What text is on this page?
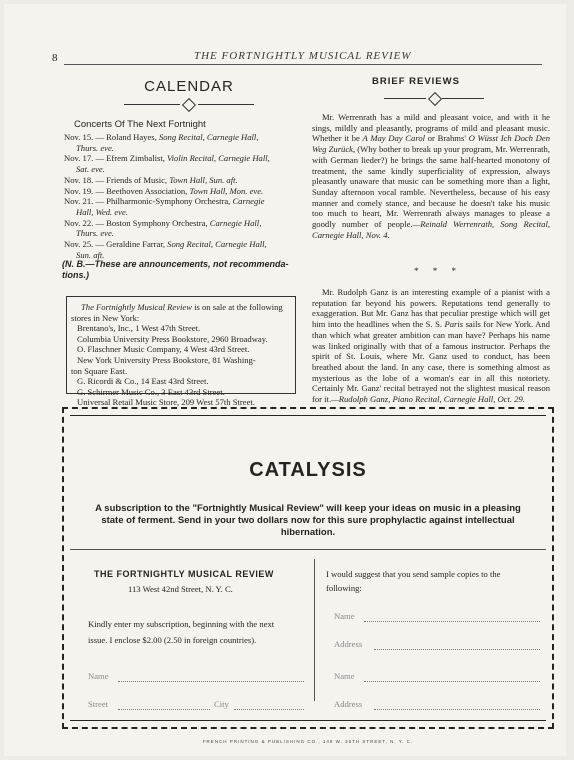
8	THE FORTNIGHTLY MUSICAL REVIEW
CALENDAR
Concerts Of The Next Fortnight
Nov. 15. — Roland Hayes, Song Recital, Carnegie Hall,
Thurs. eve.
Nov. 17. — Efrem Zimbalist, Violin Recital, Carnegie Hall,
Sat. eve.
Nov. 18. — Friends of Music, Town Hall, Sun. aft.
Nov. 19. — Beethoven Association, Town Hall, Mon. eve.
Nov. 21. — Philharmonic-Symphony Orchestra, Carnegie
Hall, Wed. eve.
Nov. 22. — Boston Symphony Orchestra, Carnegie Hall,
Thurs. eve.
Nov. 25. — Geraldine Farrar, Song Recital, Carnegie Hall,
Sun. aft.
(N. B.—These are announcements, not recommenda-
tions.)
The Fortnightly Musical Review is on sale at the following stores in New York:
Brentano's, Inc., 1 West 47th Street.
Columbia University Press Bookstore, 2960 Broadway.
O. Flaschner Music Company, 4 West 43rd Street.
New York University Press Bookstore, 81 Washing-
ton Square East.
G. Ricordi & Co., 14 East 43rd Street.
G. Schirmer Music Co., 3 East 43rd Street.
Universal Retail Music Store, 209 West 57th Street.
BRIEF REVIEWS

Mr. Werrenrath has a mild and pleasant voice, and with it he sings, mildly and pleasantly, programs of mild and pleasant music. Whether it be A May Day Carol or Brahms' O Wüsst Ich Doch Den Weg Zurück, (Why bother to break up your program, Mr. Werrenrath, with German lieder?) he brings the same half-hearted monotony of treatment, the same kindly superficiality of expression, always pleasantly unaware that music can be something more than a light, Sunday afternoon vocal ramble. Nevertheless, because of his easy manner and comely stance, and because he doesn't take his music too much to heart, Mr. Werrenrath always manages to please a goodly number of people.—Reinald Werrenrath, Song Recital, Carnegie Hall, Nov. 4.

* * *

Mr. Rudolph Ganz is an interesting example of a pianist with a reputation far beyond his powers. Reputations tend generally to exaggeration. But Mr. Ganz has that peculiar prestige which will get him into the headlines when the S. S. Paris sails for New York. And than which what greater ambition can man have? Perhaps his name was linked originally with that of a famous instructor. Perhaps the spirit of St. Louis, where Mr. Ganz used to conduct, has been breathed about the land. In any case, there is something almost as mysterious as the lobe of a woman's ear in all this notoriety. Certainly Mr. Ganz' recital betrayed not the slightest musical reason for it.—Rudolph Ganz, Piano Recital, Carnegie Hall, Oct. 29.

CATALYSIS
A subscription to the "Fortnightly Musical Review" will keep your ideas on music in a pleasing state of ferment. Send in your two dollars now for this sure prophylactic against intellectual hibernation.
THE FORTNIGHTLY MUSICAL REVIEW
113 West 42nd Street, N. Y. C.
Kindly enter my subscription, beginning with the next
issue. I enclose $2.00 (2.50 in foreign countries).
Name
Street	City
I would suggest that you send sample copies to the
following:
Name
Address
Name
Address
FRENCH PRINTING & PUBLISHING CO., 149 W. 26TH STREET, N. Y. C.
